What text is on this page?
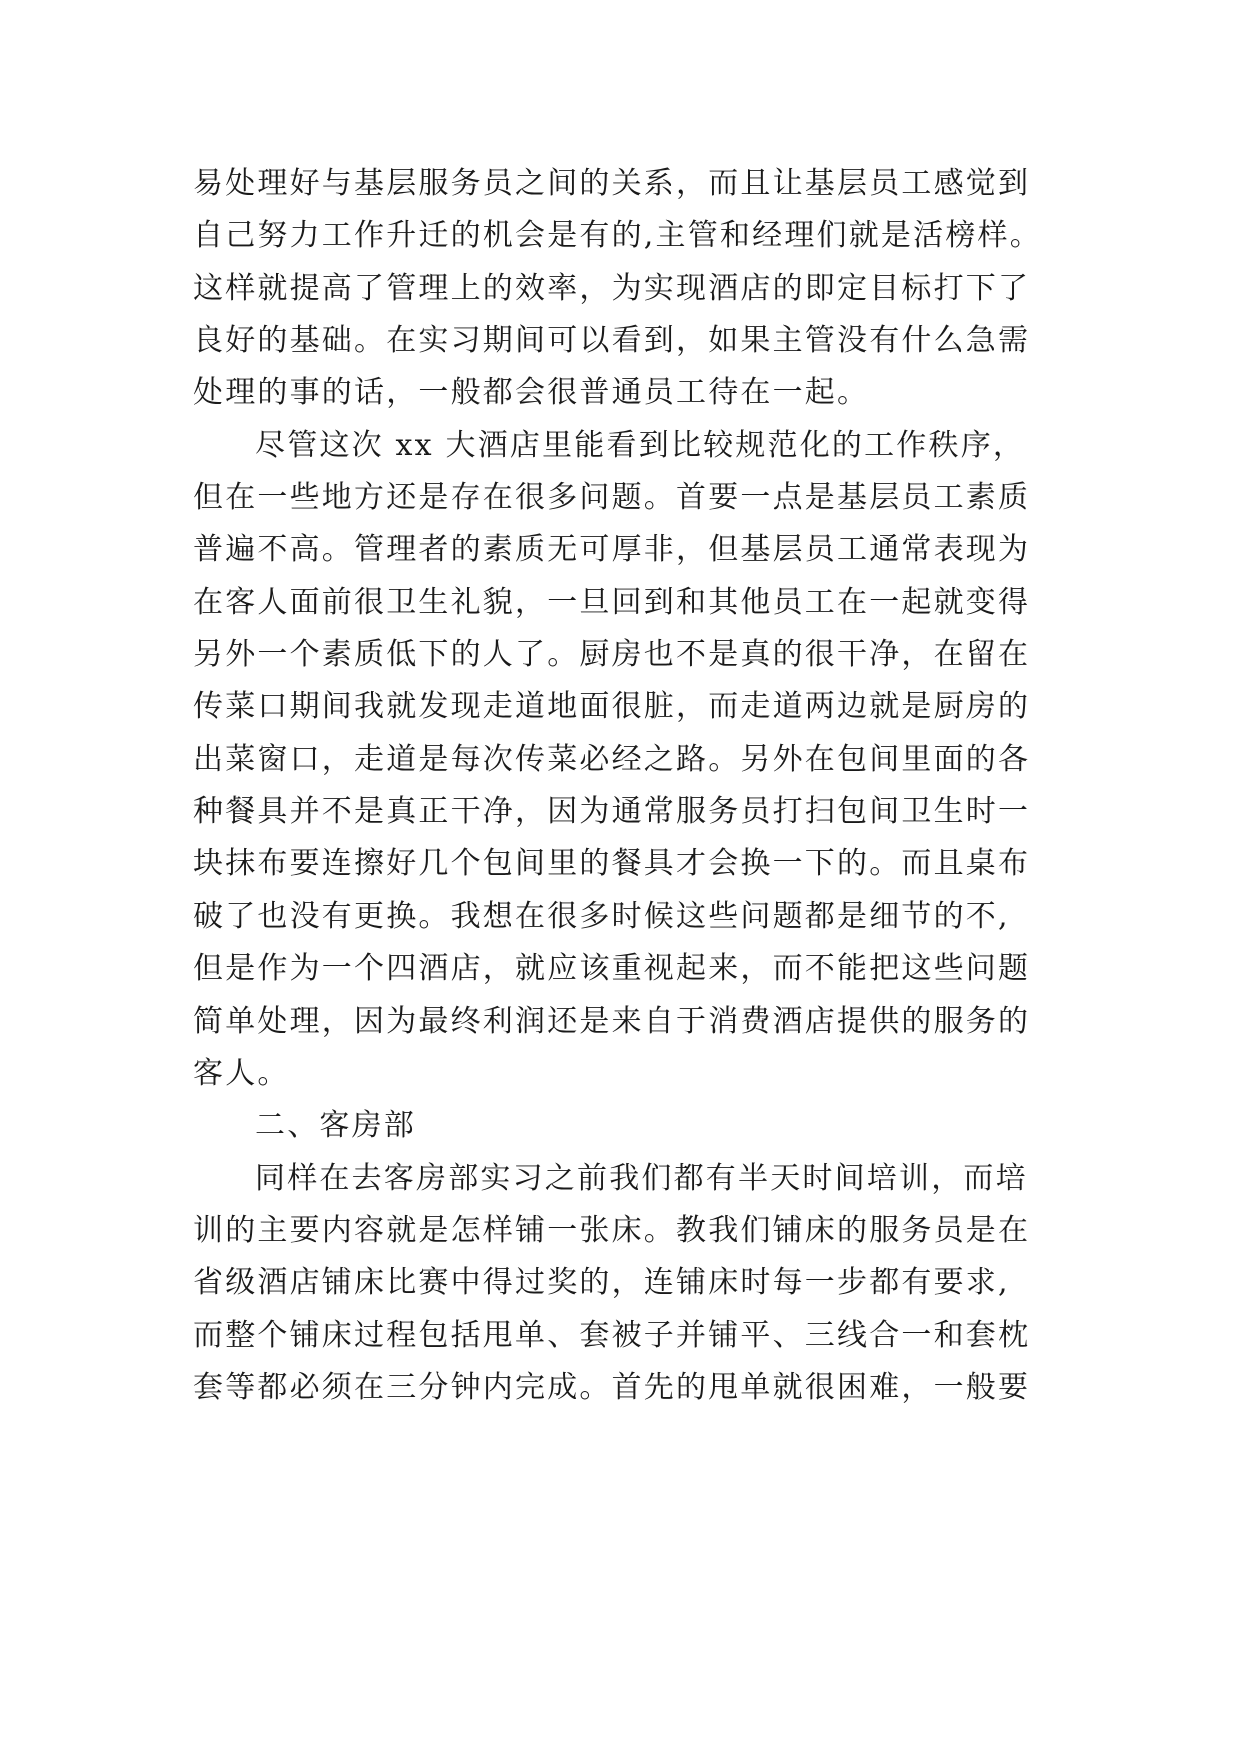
易处理好与基层服务员之间的关系，而且让基层员工感觉到
自己努力工作升迁的机会是有的,主管和经理们就是活榜样。
这样就提高了管理上的效率，为实现酒店的即定目标打下了
良好的基础。在实习期间可以看到，如果主管没有什么急需
处理的事的话，一般都会很普通员工待在一起。
尽管这次 xx 大酒店里能看到比较规范化的工作秩序，
但在一些地方还是存在很多问题。首要一点是基层员工素质
普遍不高。管理者的素质无可厚非，但基层员工通常表现为
在客人面前很卫生礼貌，一旦回到和其他员工在一起就变得
另外一个素质低下的人了。厨房也不是真的很干净，在留在
传菜口期间我就发现走道地面很脏，而走道两边就是厨房的
出菜窗口，走道是每次传菜必经之路。另外在包间里面的各
种餐具并不是真正干净，因为通常服务员打扫包间卫生时一
块抹布要连擦好几个包间里的餐具才会换一下的。而且桌布
破了也没有更换。我想在很多时候这些问题都是细节的不,
但是作为一个四酒店，就应该重视起来，而不能把这些问题
简单处理，因为最终利润还是来自于消费酒店提供的服务的
客人。
二、客房部
同样在去客房部实习之前我们都有半天时间培训，而培
训的主要内容就是怎样铺一张床。教我们铺床的服务员是在
省级酒店铺床比赛中得过奖的，连铺床时每一步都有要求,
而整个铺床过程包括甩单、套被子并铺平、三线合一和套枕
套等都必须在三分钟内完成。首先的甩单就很困难，一般要
